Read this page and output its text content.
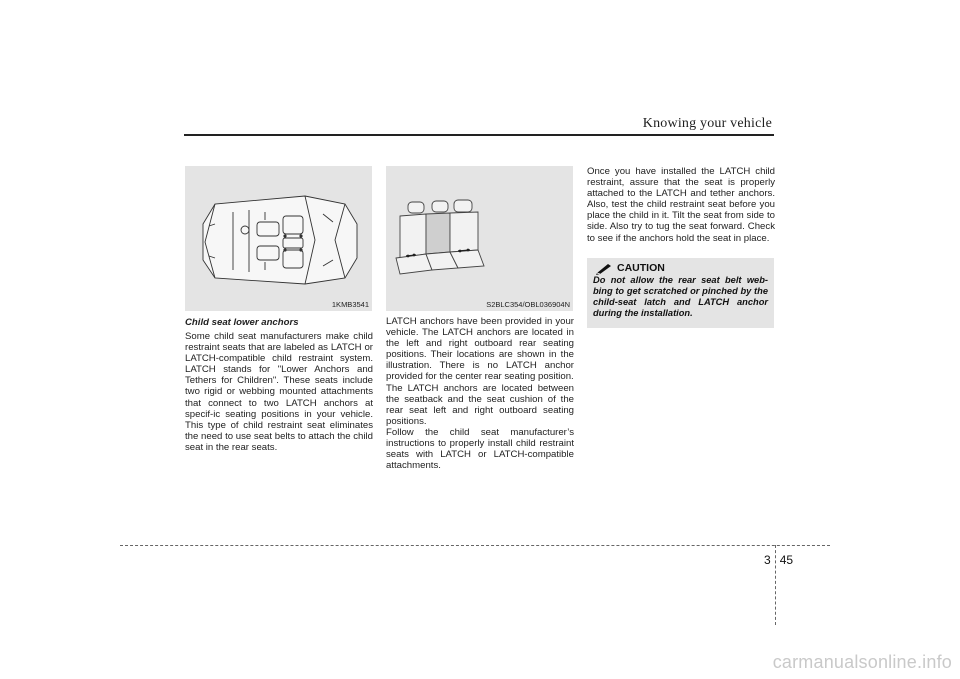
Knowing your vehicle
1KMB3541
Child seat lower anchors

Some child seat manufacturers make child restraint seats that are labeled as LATCH or LATCH-compatible child restraint system. LATCH stands for "Lower Anchors and Tethers for Children". These seats include two rigid or webbing mounted attachments that connect to two LATCH anchors at specif-ic seating positions in your vehicle. This type of child restraint seat eliminates the need to use seat belts to attach the child seat in the rear seats.

S2BLC354/OBL036904N

LATCH anchors have been provided in your vehicle. The LATCH anchors are located in the left and right outboard rear seating positions. Their locations are shown in the illustration. There is no LATCH anchor provided for the center rear seating position.

The LATCH anchors are located between the seatback and the seat cushion of the rear seat left and right outboard seating positions.

Follow the child seat manufacturer’s instructions to properly install child restraint seats with LATCH or LATCH-compatible attachments.

Once you have installed the LATCH child restraint, assure that the seat is properly attached to the LATCH and tether anchors. Also, test the child restraint seat before you place the child in it. Tilt the seat from side to side. Also try to tug the seat forward. Check to see if the anchors hold the seat in place.

CAUTION
Do not allow the rear seat belt web-bing to get scratched or pinched by the child-seat latch and LATCH anchor during the installation.
3 45
carmanualsonline.info
